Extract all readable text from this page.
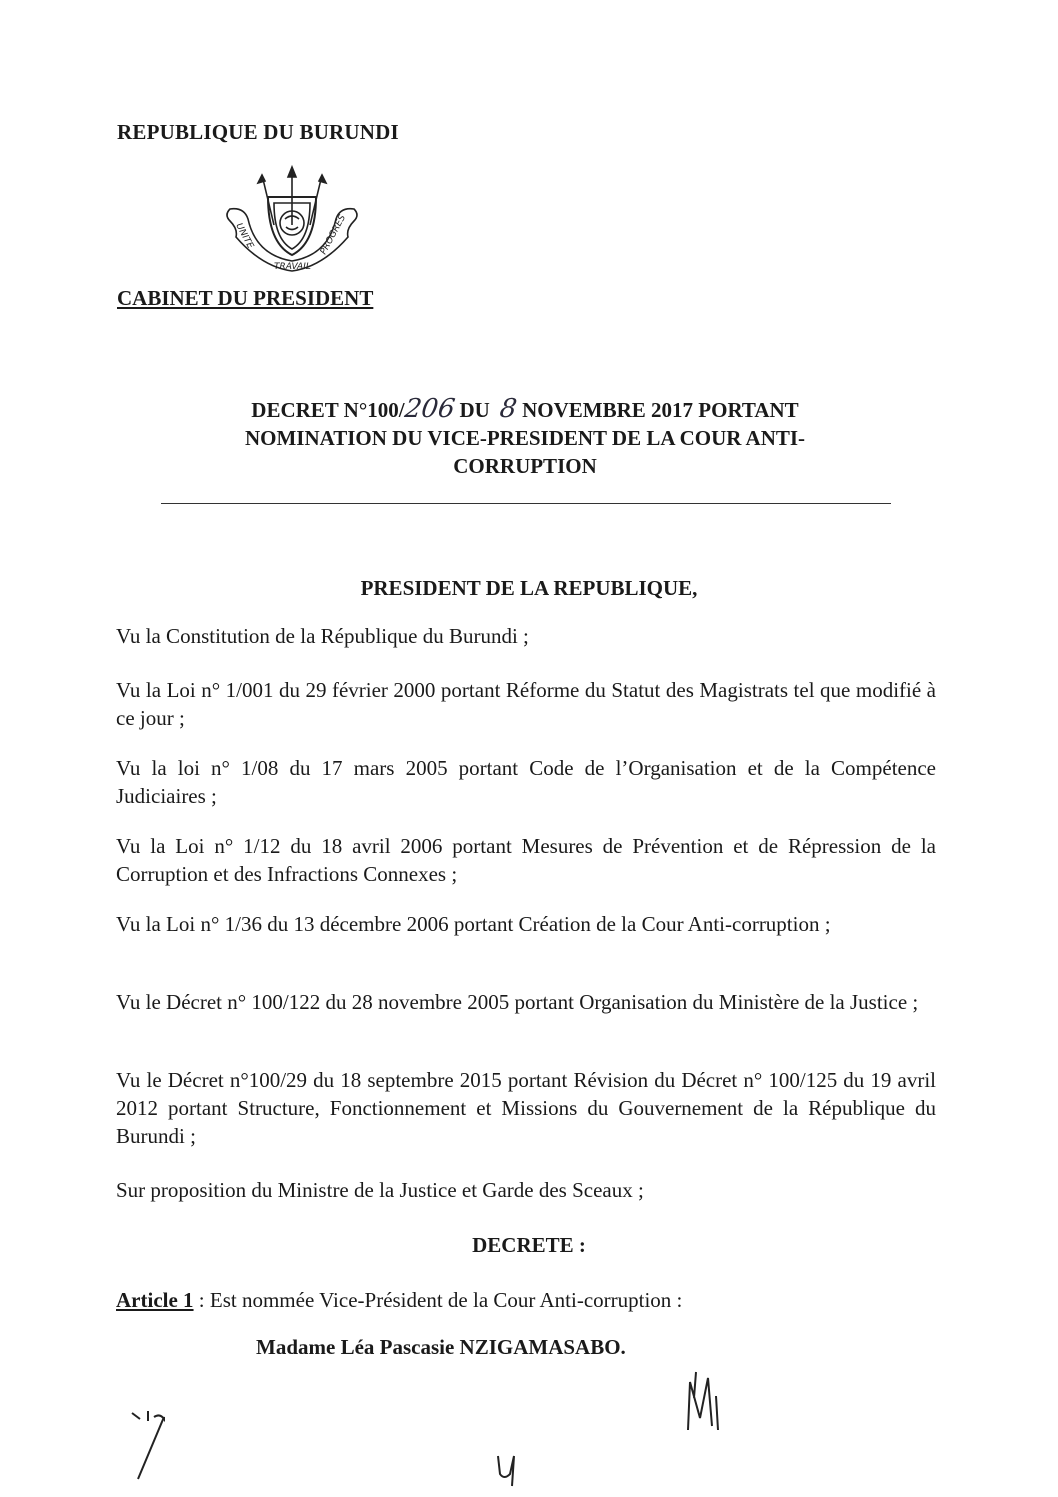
REPUBLIQUE DU BURUNDI
UNITE
TRAVAIL
PROGRES
CABINET DU PRESIDENT
DECRET N°100/206 DU 8 NOVEMBRE 2017 PORTANT
NOMINATION DU VICE-PRESIDENT DE LA COUR ANTI-
CORRUPTION
PRESIDENT DE LA REPUBLIQUE,
Vu la Constitution de la République du Burundi ;
Vu la Loi n° 1/001 du 29 février 2000 portant Réforme du Statut des Magistrats tel que modifié à ce jour ;
Vu la loi n° 1/08 du 17 mars 2005 portant Code de l’Organisation et de la Compétence Judiciaires ;
Vu la Loi n° 1/12 du 18 avril 2006 portant Mesures de Prévention et de Répression de la Corruption et des Infractions Connexes ;
Vu la Loi n° 1/36 du 13 décembre 2006 portant Création de la Cour Anti-corruption ;
Vu le Décret n° 100/122 du 28 novembre 2005 portant Organisation du Ministère de la Justice ;
Vu le Décret n°100/29 du 18 septembre 2015 portant Révision du Décret n° 100/125 du 19 avril 2012 portant Structure, Fonctionnement et Missions du Gouvernement de la République du Burundi ;
Sur proposition du Ministre de la Justice et Garde des Sceaux ;
DECRETE :
Article 1 : Est nommée Vice-Président de la Cour Anti-corruption :
Madame Léa Pascasie NZIGAMASABO.
